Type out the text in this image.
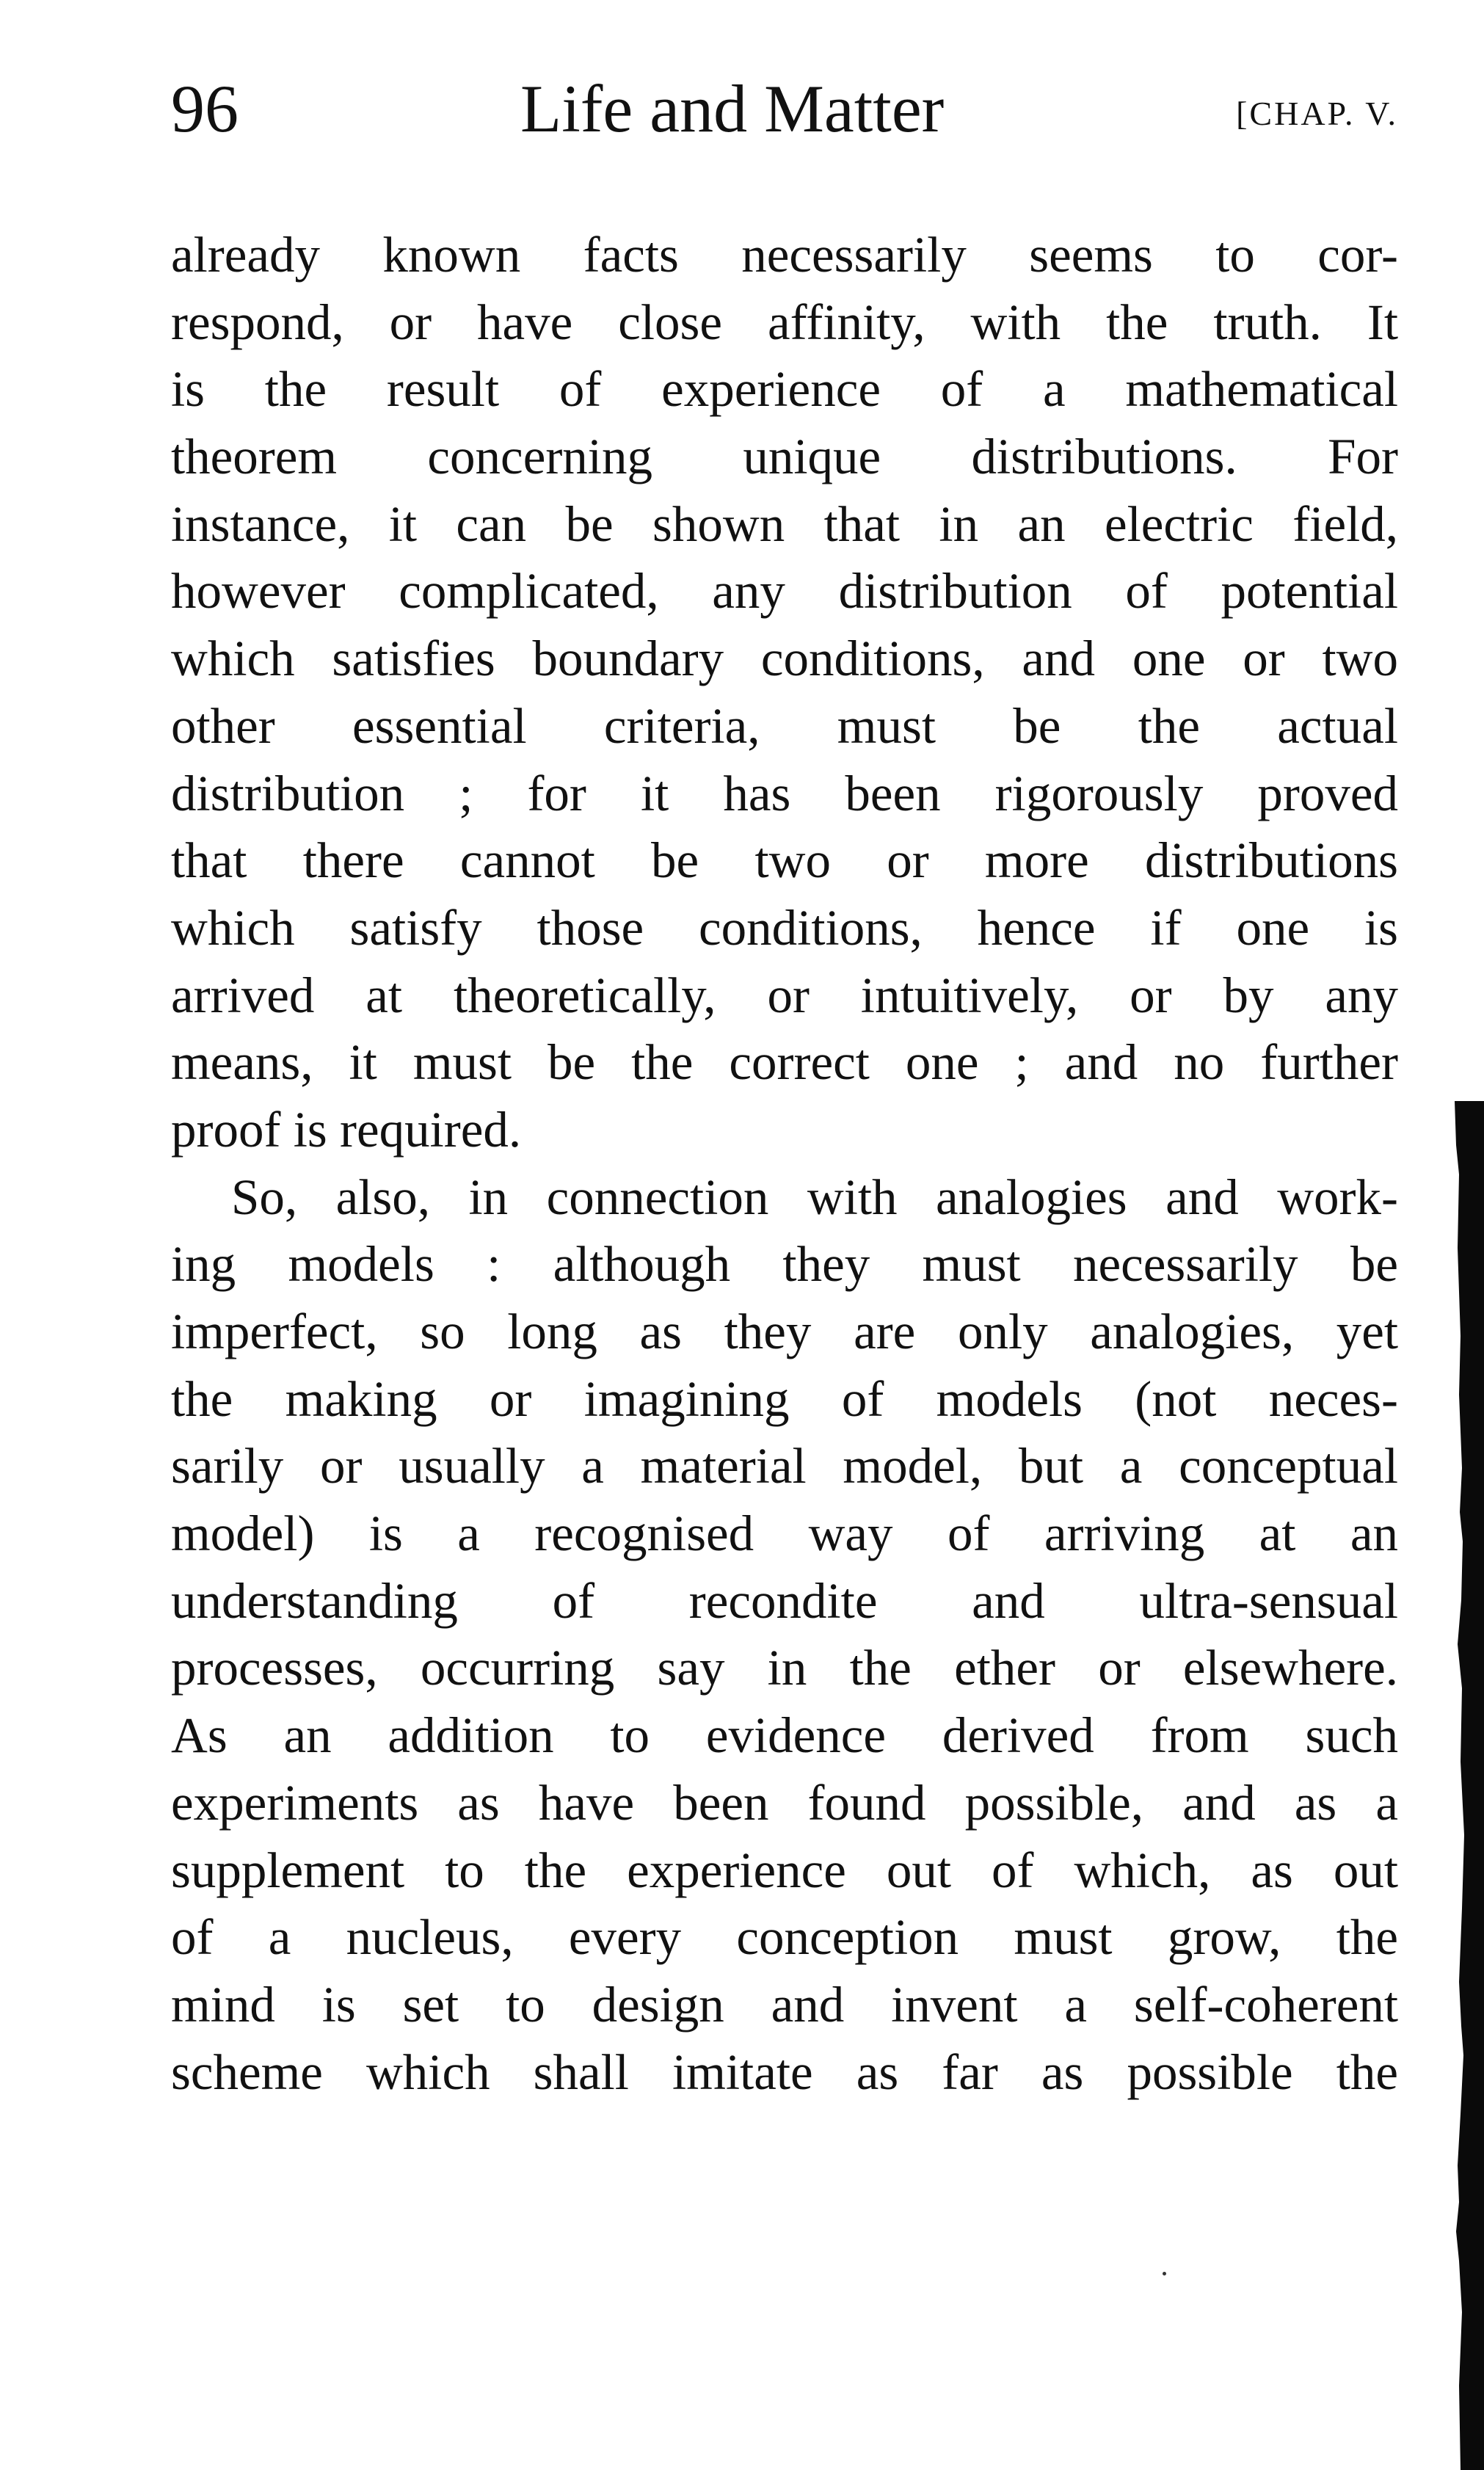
96	Life and Matter	[CHAP. V.
already known facts necessarily seems to cor-
respond, or have close affinity, with the truth. It
is the result of experience of a mathematical
theorem concerning unique distributions. For
instance, it can be shown that in an electric field,
however complicated, any distribution of potential
which satisfies boundary conditions, and one or two
other essential criteria, must be the actual
distribution ; for it has been rigorously proved
that there cannot be two or more distributions
which satisfy those conditions, hence if one is
arrived at theoretically, or intuitively, or by any
means, it must be the correct one ; and no further
proof is required.
So, also, in connection with analogies and work-
ing models : although they must necessarily be
imperfect, so long as they are only analogies, yet
the making or imagining of models (not neces-
sarily or usually a material model, but a conceptual
model) is a recognised way of arriving at an
understanding of recondite and ultra-sensual
processes, occurring say in the ether or elsewhere.
As an addition to evidence derived from such
experiments as have been found possible, and as a
supplement to the experience out of which, as out
of a nucleus, every conception must grow, the
mind is set to design and invent a self-coherent
scheme which shall imitate as far as possible the
